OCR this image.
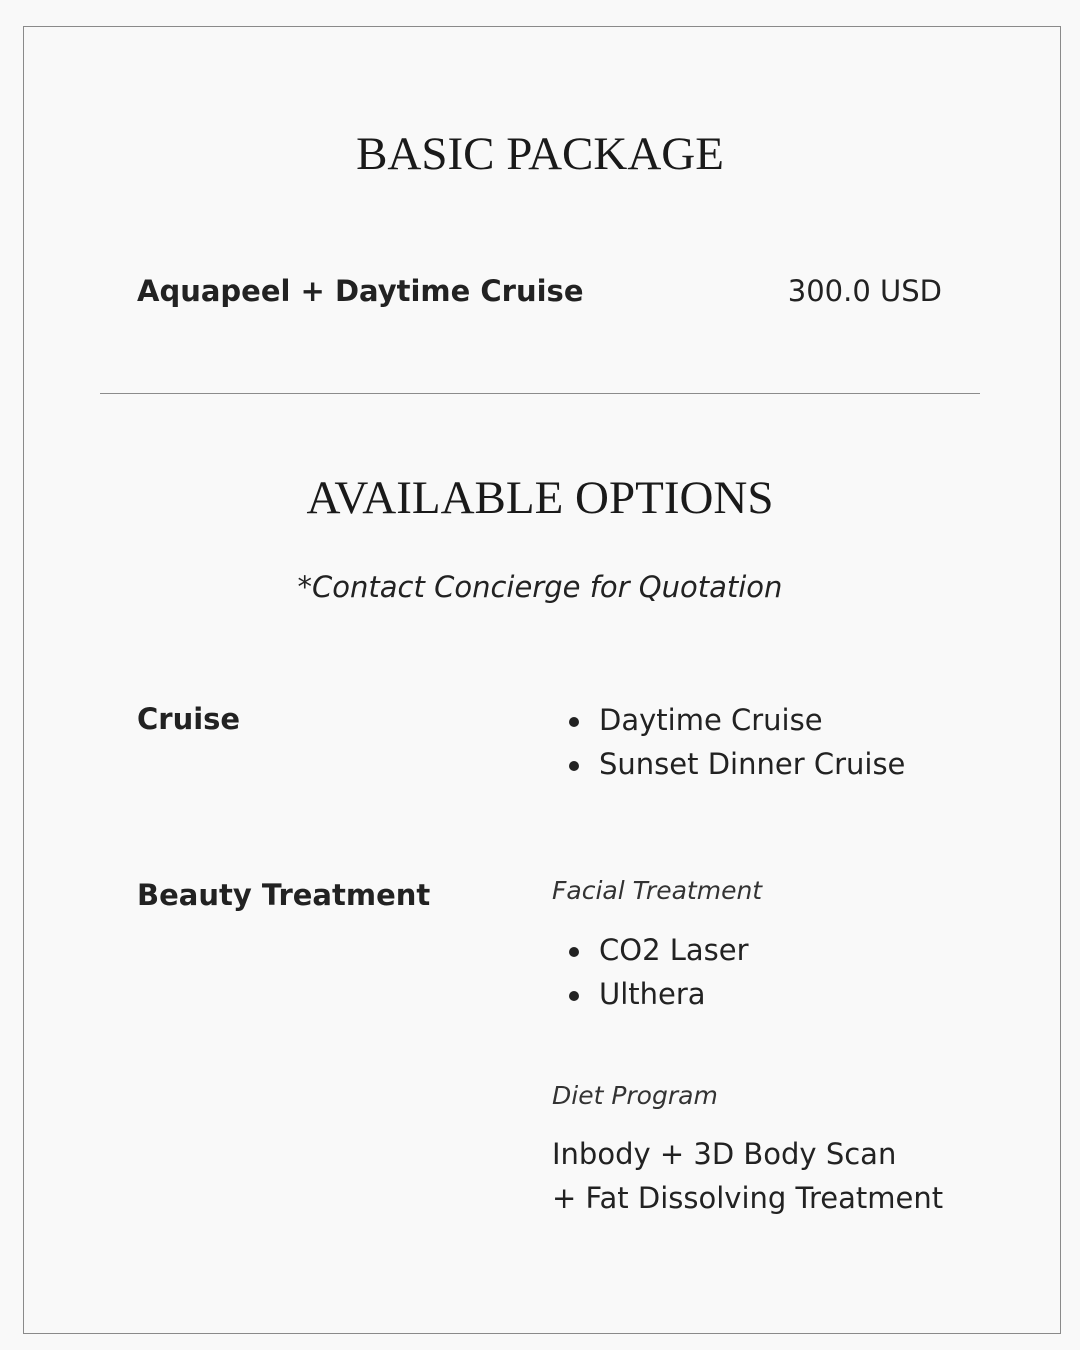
BASIC PACKAGE
Aquapeel + Daytime Cruise	300.0 USD
AVAILABLE OPTIONS
*Contact Concierge for Quotation
Cruise	Daytime Cruise
Sunset Dinner Cruise
Beauty Treatment	Facial Treatment
CO2 Laser
Ulthera
Diet Program
Inbody + 3D Body Scan
+ Fat Dissolving Treatment
